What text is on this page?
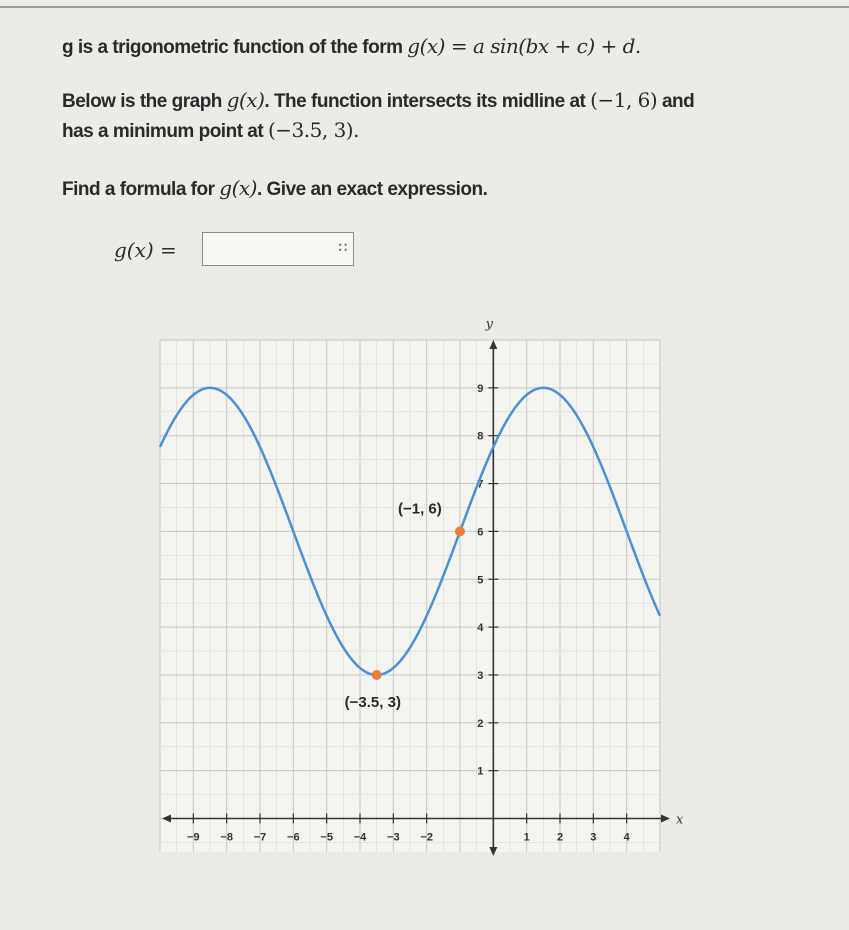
g is a trigonometric function of the form g(x) = a sin(bx + c) + d.
Below is the graph g(x). The function intersects its midline at (−1, 6) and
has a minimum point at (−3.5, 3).
Find a formula for g(x). Give an exact expression.
g(x) =	∷
x
y
−9 −8 −7 −6 −5 −4 −3 −2	1 2 3 4
1
2
3
4
5
6
7
8
9
(−1, 6)
(−3.5, 3)
